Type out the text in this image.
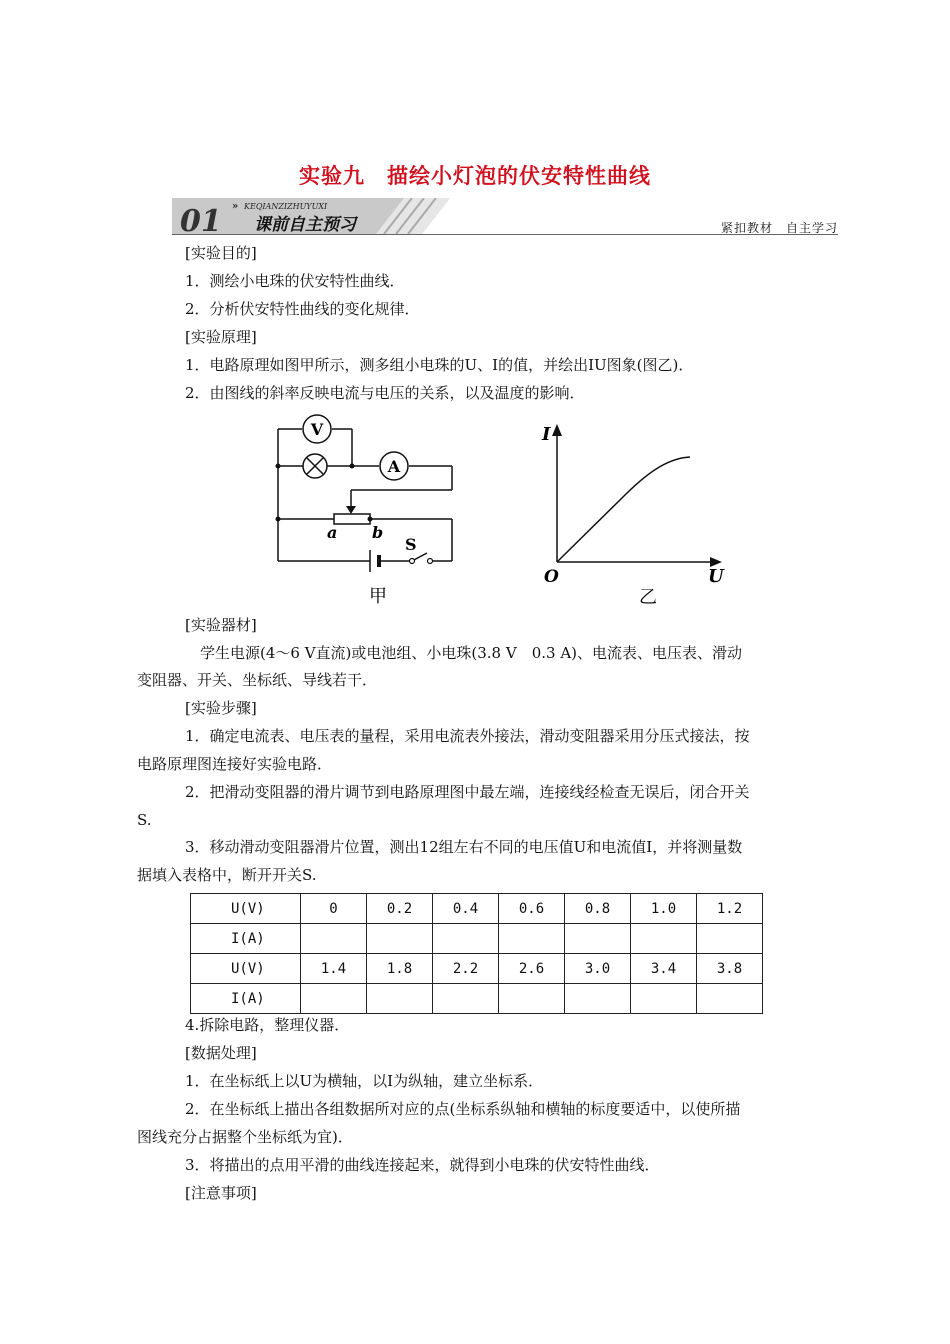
实验九　描绘小灯泡的伏安特性曲线
01 » KEQIANZIZHUYUXI
课前自主预习	紧扣教材　自主学习
[实验目的]
1．测绘小电珠的伏安特性曲线．
2．分析伏安特性曲线的变化规律．
[实验原理]
1．电路原理如图甲所示，测多组小电珠的U、I的值，并绘出IU图象(图乙)．
2．由图线的斜率反映电流与电压的关系，以及温度的影响．
V
A
a b
S
甲
I
U
O
乙
[实验器材]
学生电源(4～6 V直流)或电池组、小电珠(3.8 V　0.3 A)、电流表、电压表、滑动
变阻器、开关、坐标纸、导线若干．
[实验步骤]
1．确定电流表、电压表的量程，采用电流表外接法，滑动变阻器采用分压式接法，按
电路原理图连接好实验电路．
2．把滑动变阻器的滑片调节到电路原理图中最左端，连接线经检查无误后，闭合开关
S.
3．移动滑动变阻器滑片位置，测出12组左右不同的电压值U和电流值I，并将测量数
据填入表格中，断开开关S.
U(V)	0	0.2	0.4	0.6	0.8	1.0	1.2
I(A)							
U(V)	1.4	1.8	2.2	2.6	3.0	3.4	3.8
I(A)							
4.拆除电路，整理仪器．
[数据处理]
1．在坐标纸上以U为横轴，以I为纵轴，建立坐标系．
2．在坐标纸上描出各组数据所对应的点(坐标系纵轴和横轴的标度要适中，以使所描
图线充分占据整个坐标纸为宜)．
3．将描出的点用平滑的曲线连接起来，就得到小电珠的伏安特性曲线．
[注意事项]
